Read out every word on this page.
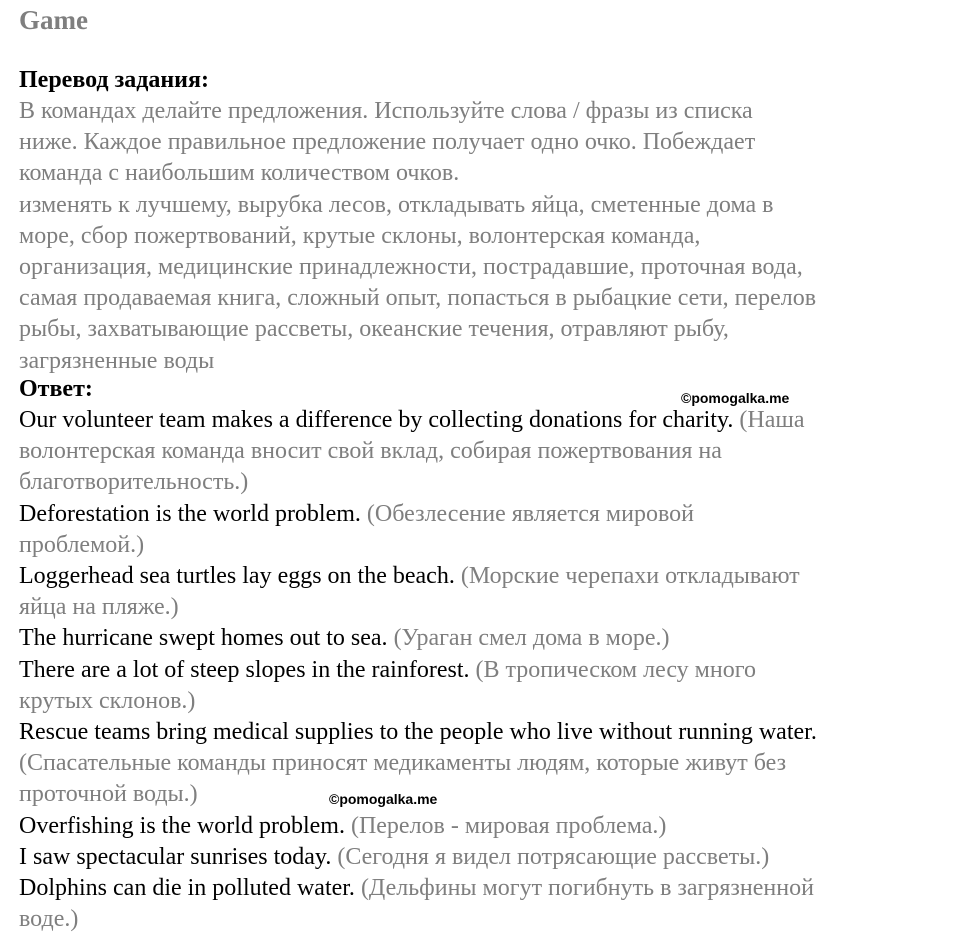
Game
Перевод задания:
В командах делайте предложения. Используйте слова / фразы из списка
ниже. Каждое правильное предложение получает одно очко. Побеждает
команда с наибольшим количеством очков.
изменять к лучшему, вырубка лесов, откладывать яйца, сметенные дома в
море, сбор пожертвований, крутые склоны, волонтерская команда,
организация, медицинские принадлежности, пострадавшие, проточная вода,
самая продаваемая книга, сложный опыт, попасться в рыбацкие сети, перелов
рыбы, захватывающие рассветы, океанские течения, отравляют рыбу,
загрязненные воды
Ответ:	©pomogalka.me
©pomogalka.me
Our volunteer team makes a difference by collecting donations for charity. (Наша
волонтерская команда вносит свой вклад, собирая пожертвования на
благотворительность.)
Deforestation is the world problem. (Обезлесение является мировой
проблемой.)
Loggerhead sea turtles lay eggs on the beach. (Морские черепахи откладывают
яйца на пляже.)
The hurricane swept homes out to sea. (Ураган смел дома в море.)
There are a lot of steep slopes in the rainforest. (В тропическом лесу много
крутых склонов.)
Rescue teams bring medical supplies to the people who live without running water.
(Спасательные команды приносят медикаменты людям, которые живут без
проточной воды.)
Overfishing is the world problem. (Перелов - мировая проблема.)
I saw spectacular sunrises today. (Сегодня я видел потрясающие рассветы.)
Dolphins can die in polluted water. (Дельфины могут погибнуть в загрязненной
воде.)
